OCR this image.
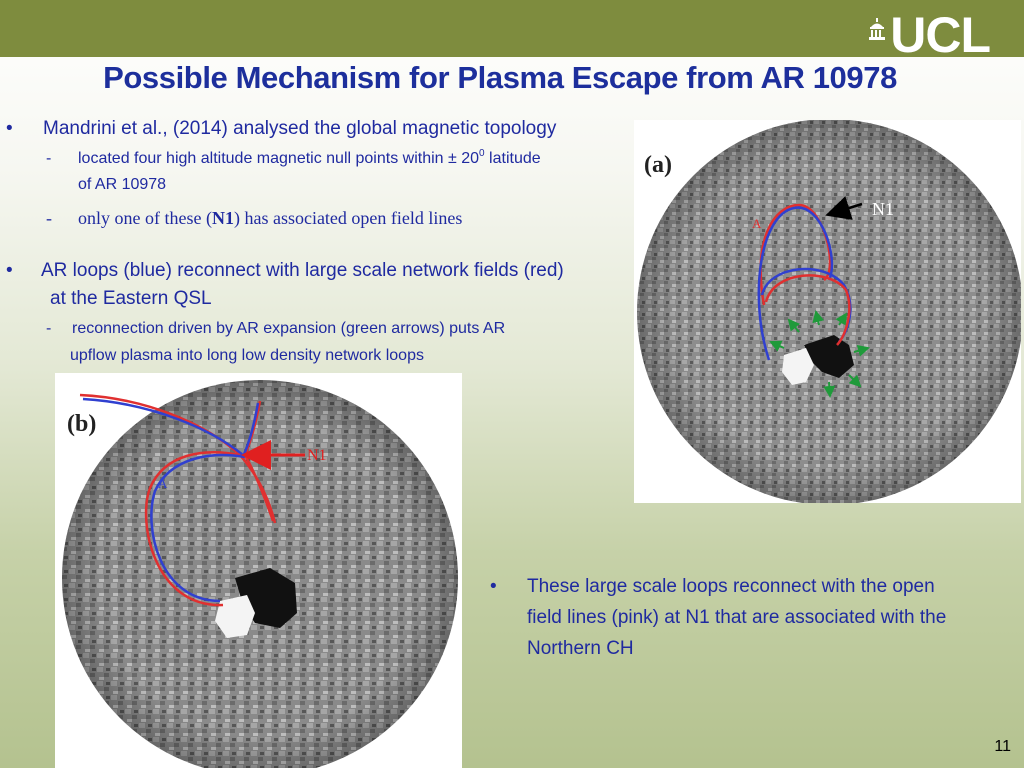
UCL
Possible Mechanism for Plasma Escape from AR 10978
• Mandrini et al., (2014) analysed the global magnetic topology
- located four high altitude magnetic null points within ± $20^0$ latitude
of AR 10978
- only one of these (N1) has associated open field lines
• AR loops (blue) reconnect with large scale network fields (red)
at the Eastern QSL
- reconnection driven by AR expansion (green arrows) puts AR
upflow plasma into long low density network loops
N1
A
(a)
N1
A
(b)
• These large scale loops reconnect with the open
field lines (pink) at N1 that are associated with the
Northern CH
11
